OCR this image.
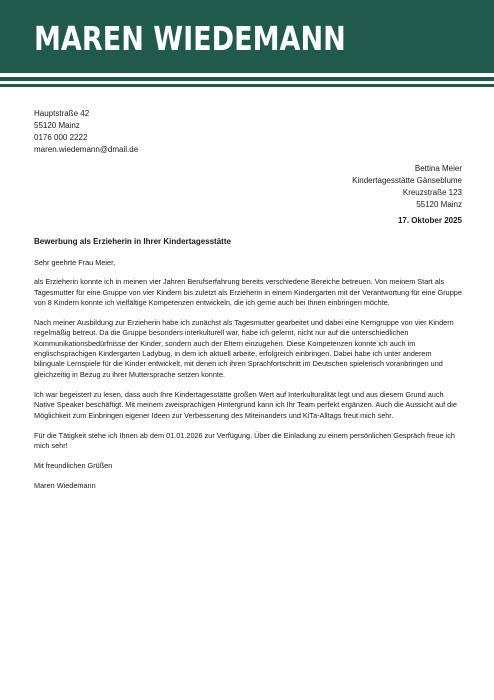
MAREN WIEDEMANN
Hauptstraße 42
55120 Mainz
0176 000 2222
maren.wiedemann@dmail.de
Bettina Meier
Kindertagesstätte Gänseblume
Kreuzstraße 123
55120 Mainz
17. Oktober 2025
Bewerbung als Erzieherin in Ihrer Kindertagesstätte

Sehr geehrte Frau Meier,

als Erzieherin konnte ich in meinen vier Jahren Berufserfahrung bereits verschiedene Bereiche betreuen. Von meinem Start als Tagesmutter für eine Gruppe von vier Kindern bis zuletzt als Erzieherin in einem Kindergarten mit der Verantwortung für eine Gruppe von 8 Kindern konnte ich vielfältige Kompetenzen entwickeln, die ich gerne auch bei Ihnen einbringen möchte.

Nach meiner Ausbildung zur Erzieherin habe ich zunächst als Tagesmutter gearbeitet und dabei eine Kerngruppe von vier Kindern regelmäßig betreut. Da die Gruppe besonders interkulturell war, habe ich gelernt, nicht nur auf die unterschiedlichen Kommunikationsbedürfnisse der Kinder, sondern auch der Eltern einzugehen. Diese Kompetenzen konnte ich auch im englischsprachigen Kindergarten Ladybug, in dem ich aktuell arbeite, erfolgreich einbringen. Dabei habe ich unter anderem bilinguale Lernspiele für die Kinder entwickelt, mit denen ich ihren Sprachfortschritt im Deutschen spielerisch voranbringen und gleichzeitig in Bezug zu ihrer Muttersprache setzen konnte.

Ich war begeistert zu lesen, dass auch Ihre Kindertagesstätte großen Wert auf Interkulturalität legt und aus diesem Grund auch Native Speaker beschäftigt. Mit meinem zweisprachigen Hintergrund kann ich Ihr Team perfekt ergänzen. Auch die Aussicht auf die Möglichkeit zum Einbringen eigener Ideen zur Verbesserung des Miteinanders und KiTa-Alltags freut mich sehr.

Für die Tätigkeit stehe ich Ihnen ab dem 01.01.2026 zur Verfügung. Über die Einladung zu einem persönlichen Gespräch freue ich mich sehr!

Mit freundlichen Grüßen

Maren Wiedemann
